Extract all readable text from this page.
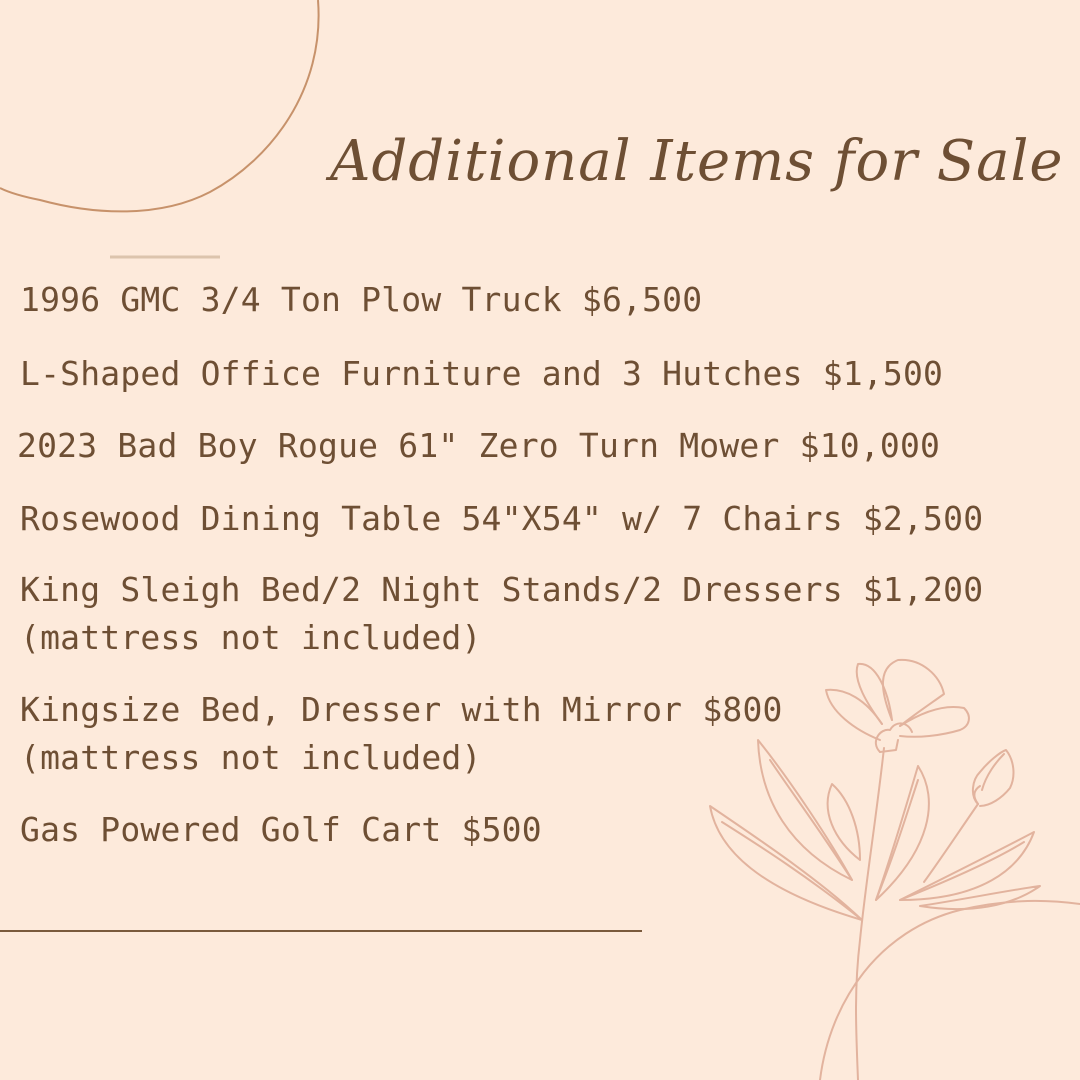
Additional Items for Sale

1996 GMC 3/4 Ton Plow Truck $6,500

L-Shaped Office Furniture and 3 Hutches $1,500

2023 Bad Boy Rogue 61" Zero Turn Mower $10,000

Rosewood Dining Table 54"X54" w/ 7 Chairs $2,500

King Sleigh Bed/2 Night Stands/2 Dressers $1,200
(mattress not included)

Kingsize Bed, Dresser with Mirror $800
(mattress not included)

Gas Powered Golf Cart $500
